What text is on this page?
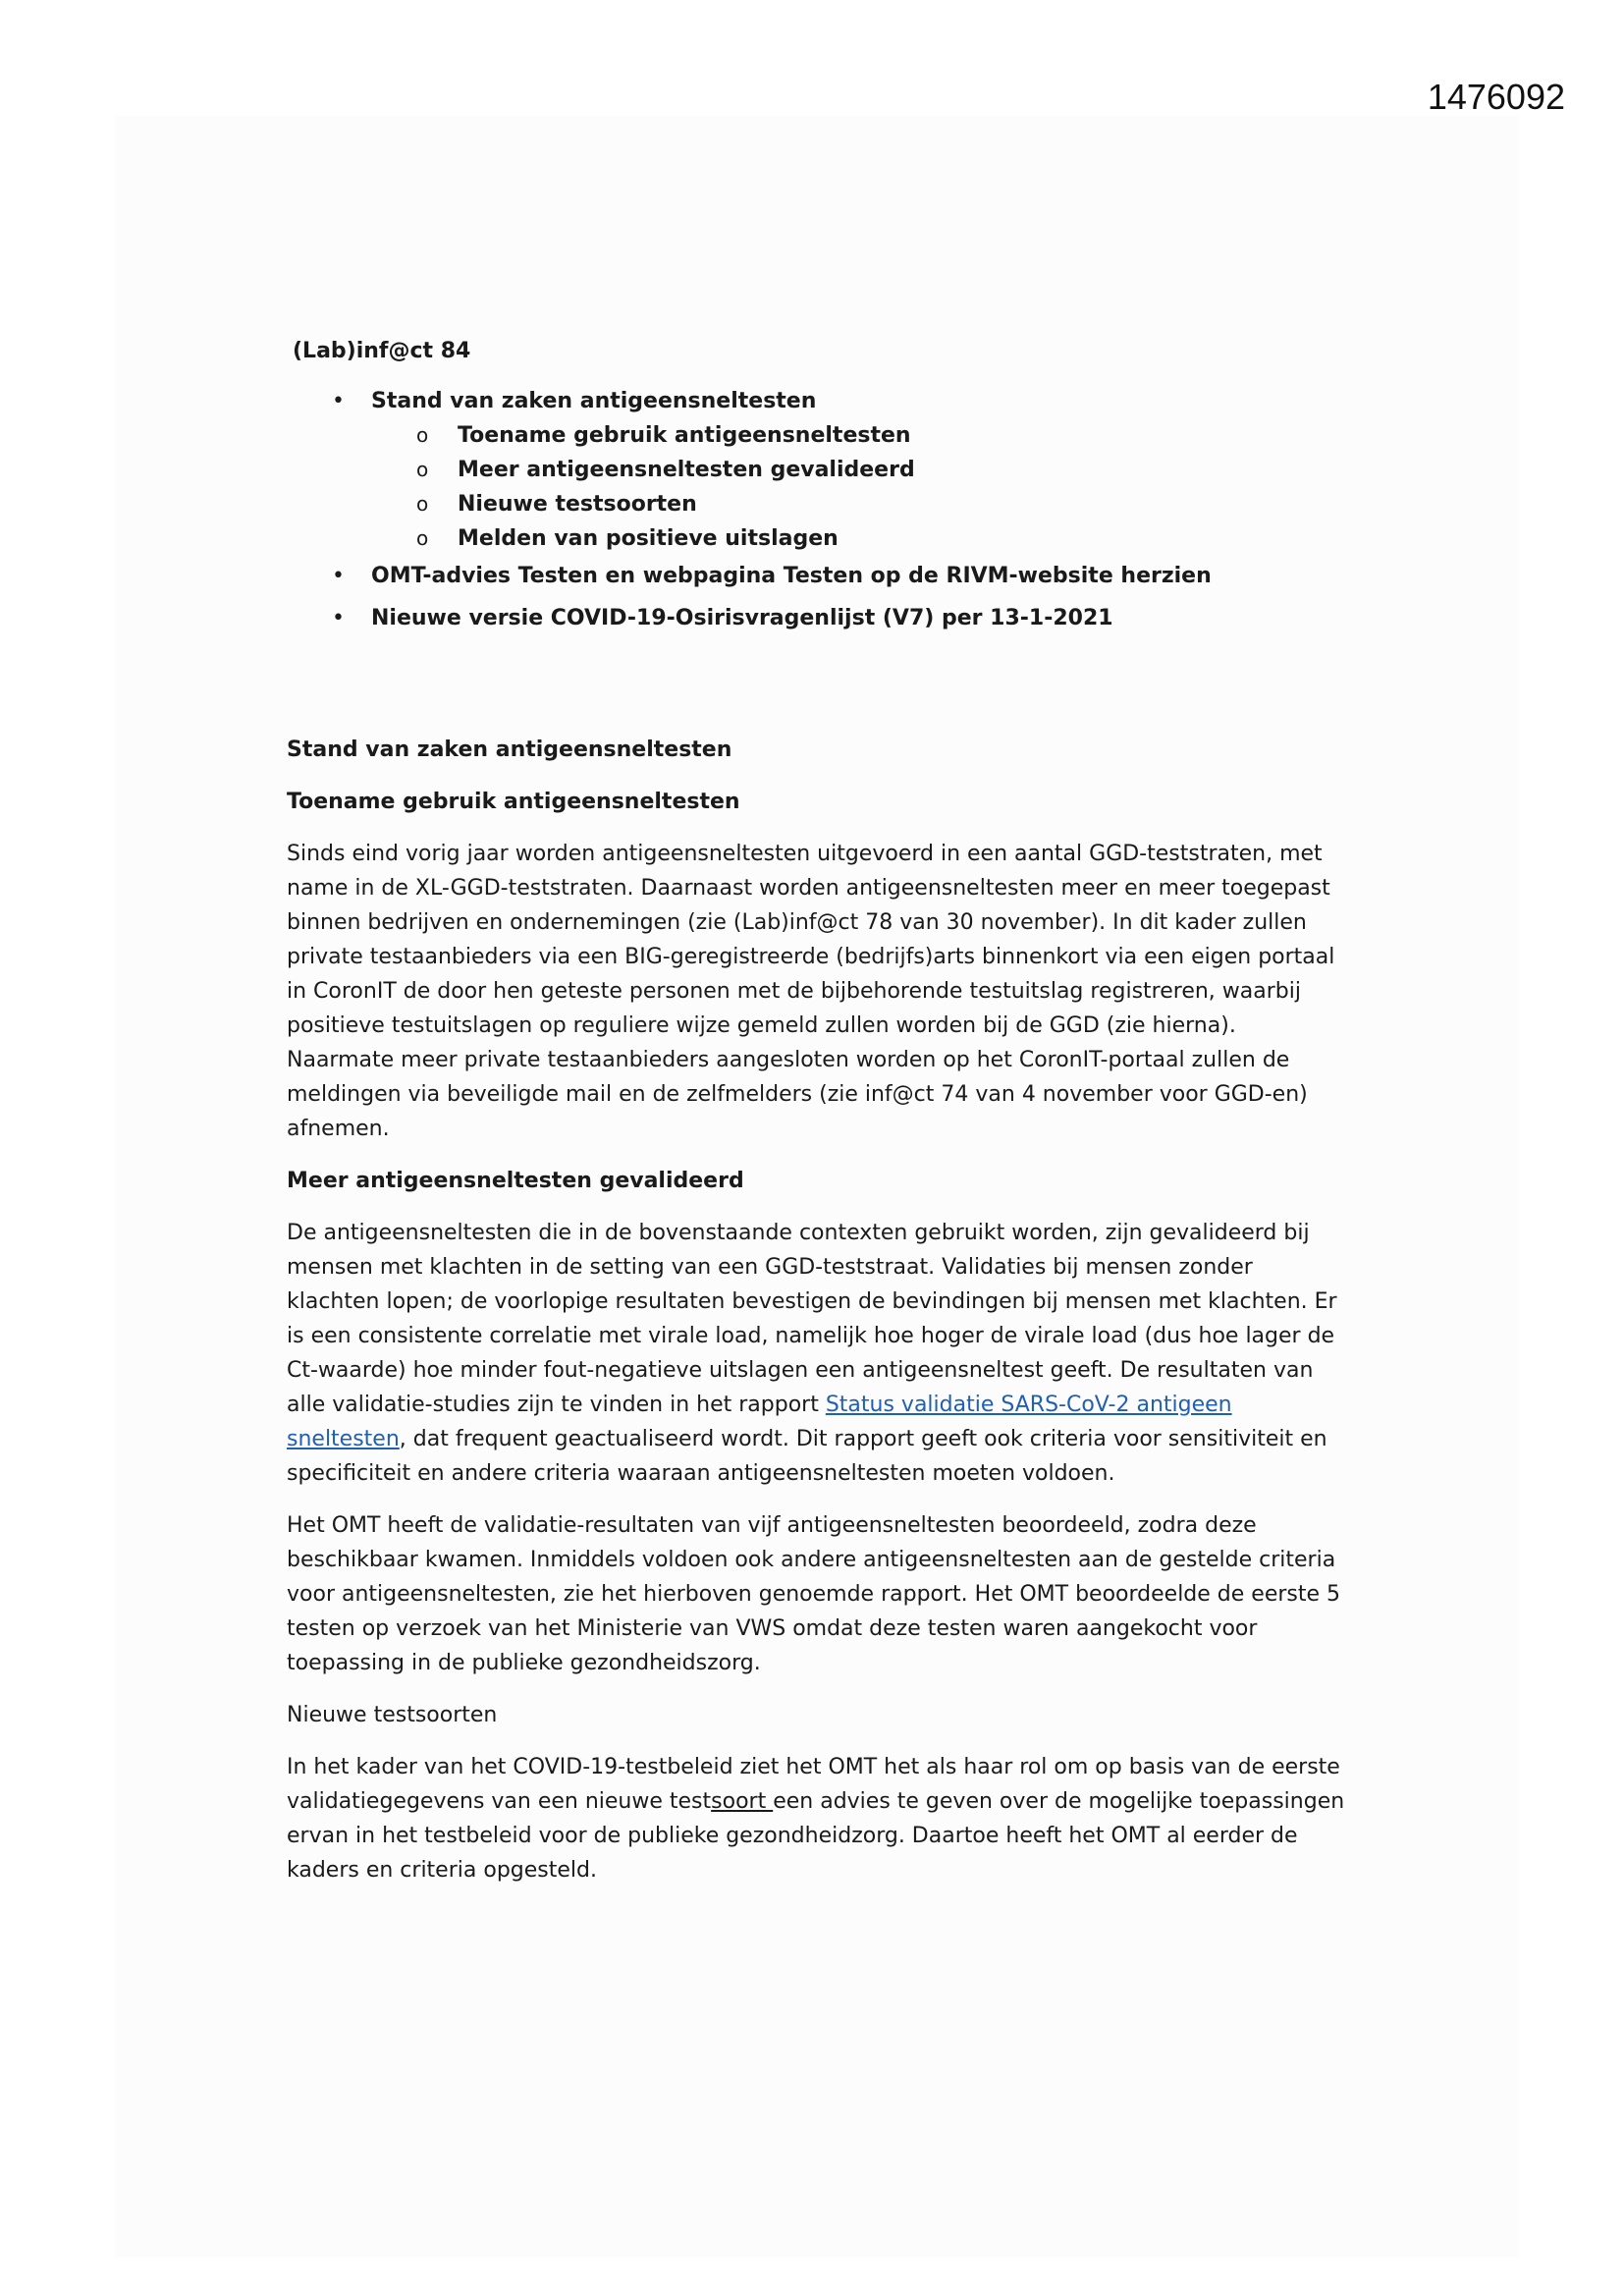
1476092
(Lab)inf@ct 84
• Stand van zaken antigeensneltesten
o Toename gebruik antigeensneltesten
o Meer antigeensneltesten gevalideerd
o Nieuwe testsoorten
o Melden van positieve uitslagen
• OMT-advies Testen en webpagina Testen op de RIVM-website herzien
• Nieuwe versie COVID-19-Osirisvragenlijst (V7) per 13-1-2021
Stand van zaken antigeensneltesten
Toename gebruik antigeensneltesten

Sinds eind vorig jaar worden antigeensneltesten uitgevoerd in een aantal GGD-teststraten, met name in de XL-GGD-teststraten. Daarnaast worden antigeensneltesten meer en meer toegepast binnen bedrijven en ondernemingen (zie (Lab)inf@ct 78 van 30 november). In dit kader zullen private testaanbieders via een BIG-geregistreerde (bedrijfs)arts binnenkort via een eigen portaal in CoronIT de door hen geteste personen met de bijbehorende testuitslag registreren, waarbij positieve testuitslagen op reguliere wijze gemeld zullen worden bij de GGD (zie hierna). Naarmate meer private testaanbieders aangesloten worden op het CoronIT-portaal zullen de meldingen via beveiligde mail en de zelfmelders (zie inf@ct 74 van 4 november voor GGD-en) afnemen.

Meer antigeensneltesten gevalideerd

De antigeensneltesten die in de bovenstaande contexten gebruikt worden, zijn gevalideerd bij mensen met klachten in de setting van een GGD-teststraat. Validaties bij mensen zonder klachten lopen; de voorlopige resultaten bevestigen de bevindingen bij mensen met klachten. Er is een consistente correlatie met virale load, namelijk hoe hoger de virale load (dus hoe lager de Ct-waarde) hoe minder fout-negatieve uitslagen een antigeensneltest geeft. De resultaten van alle validatie-studies zijn te vinden in het rapport Status validatie SARS-CoV-2 antigeen sneltesten, dat frequent geactualiseerd wordt. Dit rapport geeft ook criteria voor sensitiviteit en specificiteit en andere criteria waaraan antigeensneltesten moeten voldoen.

Het OMT heeft de validatie-resultaten van vijf antigeensneltesten beoordeeld, zodra deze beschikbaar kwamen. Inmiddels voldoen ook andere antigeensneltesten aan de gestelde criteria voor antigeensneltesten, zie het hierboven genoemde rapport. Het OMT beoordeelde de eerste 5 testen op verzoek van het Ministerie van VWS omdat deze testen waren aangekocht voor toepassing in de publieke gezondheidszorg.

Nieuwe testsoorten

In het kader van het COVID-19-testbeleid ziet het OMT het als haar rol om op basis van de eerste validatiegegevens van een nieuwe testsoort een advies te geven over de mogelijke toepassingen ervan in het testbeleid voor de publieke gezondheidzorg. Daartoe heeft het OMT al eerder de kaders en criteria opgesteld.
